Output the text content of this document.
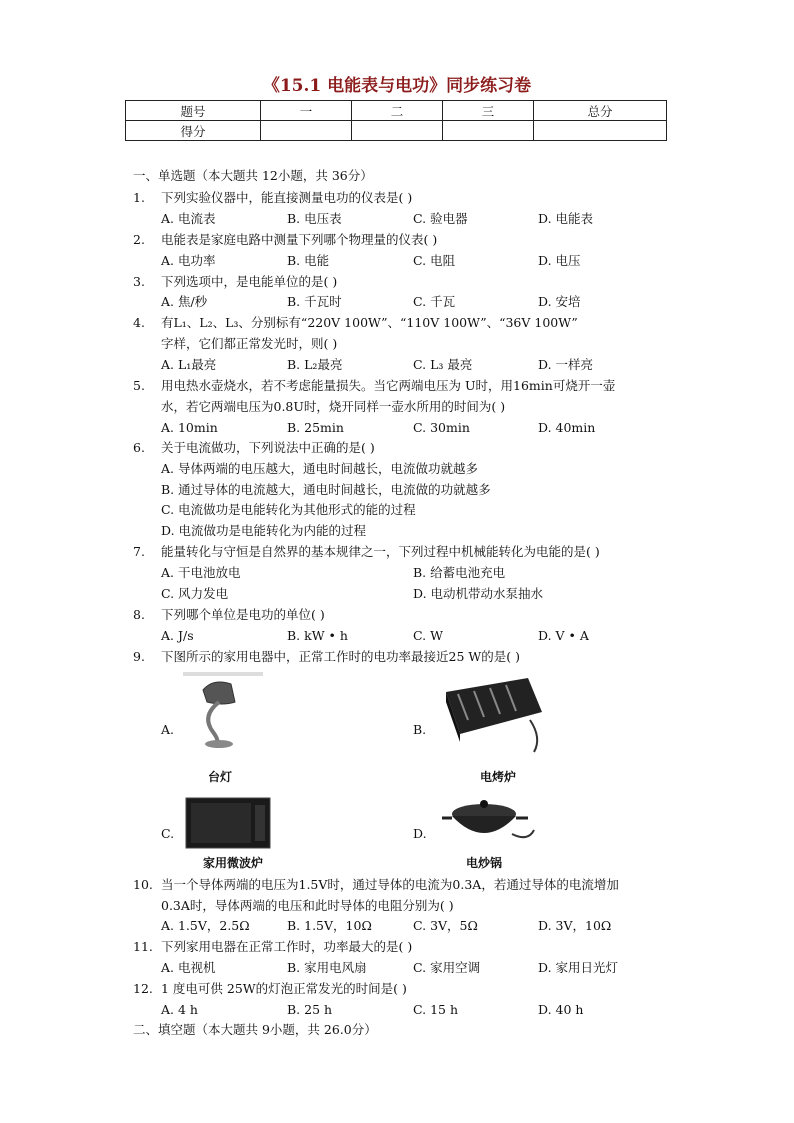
《15.1 电能表与电功》同步练习卷
题号	一	二	三	总分
得分				
一、单选题（本大题共 12小题，共 36分）
1.	下列实验仪器中，能直接测量电功的仪表是( )
A. 电流表	B. 电压表	C. 验电器	D. 电能表
2.	电能表是家庭电路中测量下列哪个物理量的仪表( )
A. 电功率	B. 电能	C. 电阻	D. 电压
3.	下列选项中，是电能单位的是( )
A. 焦/秒	B. 千瓦时	C. 千瓦	D. 安培
4.	有L₁、L₂、L₃、分别标有“220V 100W”、“110V 100W”、“36V 100W”
字样，它们都正常发光时，则( )
A. L₁最亮	B. L₂最亮	C. L₃ 最亮	D. 一样亮
5.	用电热水壶烧水，若不考虑能量损失。当它两端电压为 U时，用16min可烧开一壶
水，若它两端电压为0.8U时，烧开同样一壶水所用的时间为( )
A. 10min	B. 25min	C. 30min	D. 40min
6.	关于电流做功，下列说法中正确的是( )
A. 导体两端的电压越大，通电时间越长，电流做功就越多
B. 通过导体的电流越大，通电时间越长，电流做的功就越多
C. 电流做功是电能转化为其他形式的能的过程
D. 电流做功是电能转化为内能的过程
7.	能量转化与守恒是自然界的基本规律之一，下列过程中机械能转化为电能的是( )
A. 干电池放电	B. 给蓄电池充电
C. 风力发电	D. 电动机带动水泵抽水
8.	下列哪个单位是电功的单位( )
A. J/s	B. kW • h	C. W	D. V • A
9.	下图所示的家用电器中，正常工作时的电功率最接近25 W的是( )
A.
台灯
B.
电烤炉
C.
家用微波炉
D.
电炒锅
10. 当一个导体两端的电压为1.5V时，通过导体的电流为0.3A，若通过导体的电流增加
0.3A时，导体两端的电压和此时导体的电阻分别为( )
A. 1.5V，2.5Ω	B. 1.5V，10Ω	C. 3V，5Ω	D. 3V，10Ω
11. 下列家用电器在正常工作时，功率最大的是( )
A. 电视机	B. 家用电风扇	C. 家用空调	D. 家用日光灯
12. 1 度电可供 25W的灯泡正常发光的时间是( )
A. 4 h	B. 25 h	C. 15 h	D. 40 h
二、填空题（本大题共 9小题，共 26.0分）
